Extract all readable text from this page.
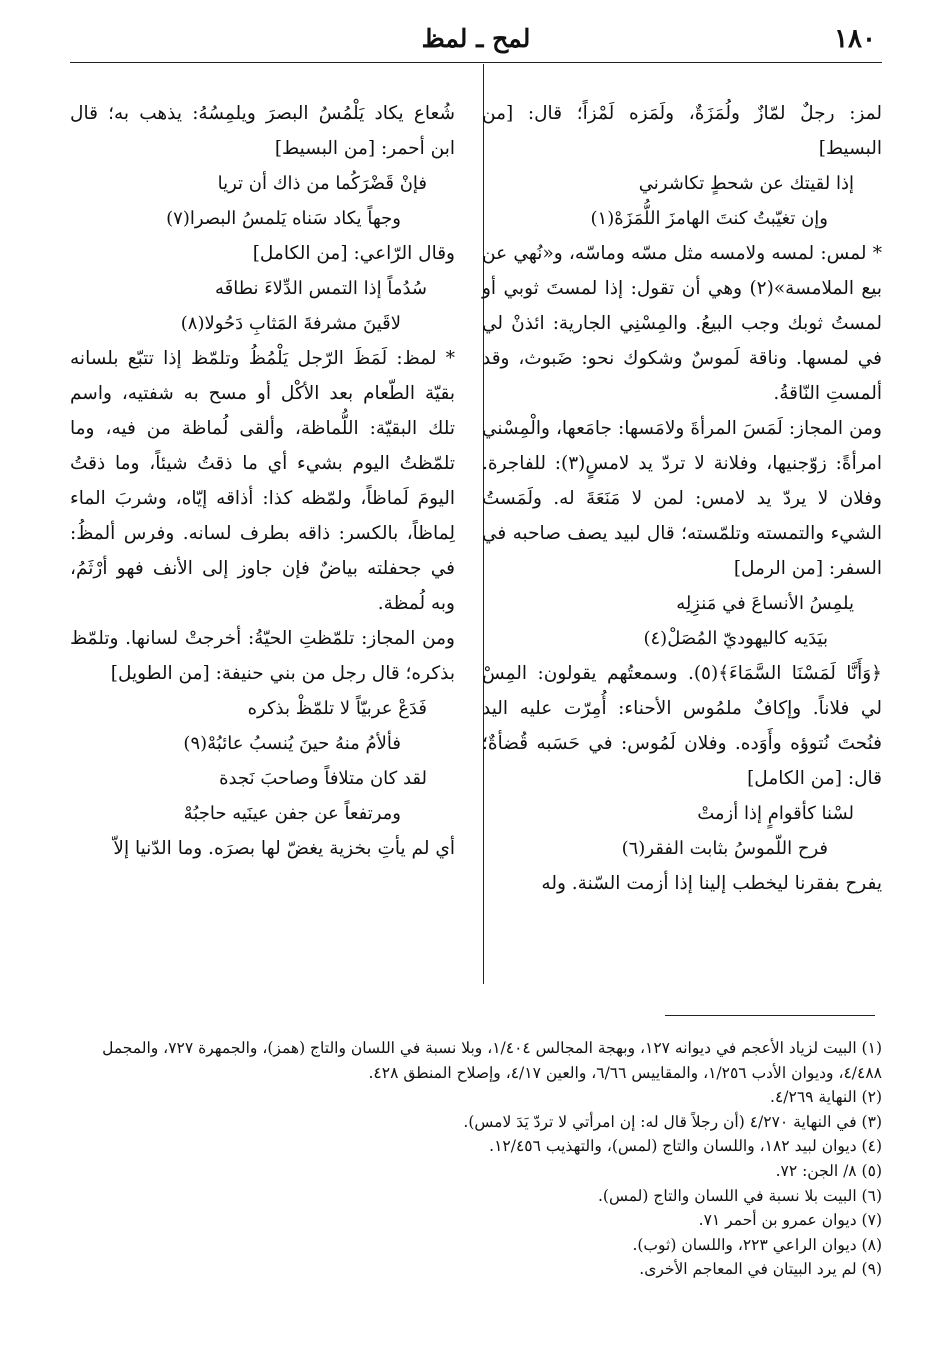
١٨٠
لمح ـ لمظ

لمز: رجلٌ لمّازٌ ولُمَزَةٌ، ولَمَزه لَمْزاً؛ قال: [من البسيط]

إذا لقيتك عن شحطٍ تكاشرني

وإن تغيّبتُ كنتَ الهامزَ اللُّمَزَهْ(١)

* لمس: لمسه ولامسه مثل مسّه وماسّه، و«نُهي عن بيع الملامسة»(٢) وهي أن تقول: إذا لمستَ ثوبي أو لمستُ ثوبك وجب البيعُ. والمِسْنِي الجارية: ائذنْ لي في لمسها. وناقة لَموسٌ وشكوك نحو: ضَبوث، وقد ألمستِ النّاقةُ.

ومن المجاز: لَمَسَ المرأةَ ولامَسها: جامَعها، والْمِسْني امرأةً: زوّجنيها، وفلانة لا تردّ يد لامسٍ(٣): للفاجرة. وفلان لا يردّ يد لامس: لمن لا مَنَعَةَ له. ولَمَستُ الشيء والتمسته وتلمّسته؛ قال لبيد يصف صاحبه في السفر: [من الرمل]

يلمِسُ الأنساعَ في مَنزِلِه

بيَدَيه كاليهوديّ المُصَلْ(٤)

﴿وَأَنَّا لَمَسْنَا السَّمَاءَ﴾(٥). وسمعتُهم يقولون: المِسْ لي فلاناً. وإكافٌ ملمُوس الأحناء: أُمِرّت عليه اليد فنُحتَ نُتوؤه وأَوَده. وفلان لَمُوس: في حَسَبه قُضأةٌ؛ قال: [من الكامل]

لسْنا كأقوامٍ إذا أزمتْ

فرح اللّموسُ بثابت الفقر(٦)

يفرح بفقرنا ليخطب إلينا إذا أزمت السّنة. وله

شُعاع يكاد يَلْمُسُ البصرَ ويلمِسُهُ: يذهب به؛ قال ابن أحمر: [من البسيط]

فإنْ قَضْرَكُما من ذاك أن تريا

وجهاً يكاد سَناه يَلمسُ البصرا(٧)

وقال الرّاعي: [من الكامل]

سُدُماً إذا التمس الدِّلاءَ نطافَه

لاقَينَ مشرفةَ المَثابِ دَحُولا(٨)

* لمظ: لَمَظَ الرّجل يَلْمُظُ وتلمّظ إذا تتبّع بلسانه بقيّة الطّعام بعد الأكْل أو مسح به شفتيه، واسم تلك البقيّة: اللُّماظة، وألقى لُماظة من فيه، وما تلمّظتُ اليوم بشيء أي ما ذقتُ شيئاً، وما ذقتُ اليومَ لَماظاً، ولمّظه كذا: أذاقه إيّاه، وشربَ الماء لِماظاً، بالكسر: ذاقه بطرف لسانه. وفرس ألمظُ: في جحفلته بياضٌ فإن جاوز إلى الأنف فهو أرْثَمُ، وبه لُمظة.

ومن المجاز: تلمّظتِ الحيّةُ: أخرجتْ لسانها. وتلمّظ بذكره؛ قال رجل من بني حنيفة: [من الطويل]

فَدَعْ عربيّاً لا تلمّظْ بذكره

فألأمُ منهُ حينَ يُنسبُ عائبُهْ(٩)

لقد كان متلافاً وصاحبَ نَجدة

ومرتفعاً عن جفن عينَيه حاجبُهْ

أي لم يأتِ بخزية يغضّ لها بصرَه. وما الدّنيا إلاّ

(١) البيت لزياد الأعجم في ديوانه ١٢٧، وبهجة المجالس ١/٤٠٤، وبلا نسبة في اللسان والتاج (همز)، والجمهرة ٧٢٧، والمجمل ٤/٤٨٨، وديوان الأدب ١/٢٥٦، والمقاييس ٦/٦٦، والعين ٤/١٧، وإصلاح المنطق ٤٢٨.

(٢) النهاية ٤/٢٦٩.

(٣) في النهاية ٤/٢٧٠ (أن رجلاً قال له: إن امرأتي لا تردّ يَدَ لامس).

(٤) ديوان لبيد ١٨٢، واللسان والتاج (لمس)، والتهذيب ١٢/٤٥٦.

(٥) ٨/ الجن: ٧٢.

(٦) البيت بلا نسبة في اللسان والتاج (لمس).

(٧) ديوان عمرو بن أحمر ٧١.

(٨) ديوان الراعي ٢٢٣، واللسان (ثوب).

(٩) لم يرد البيتان في المعاجم الأخرى.
